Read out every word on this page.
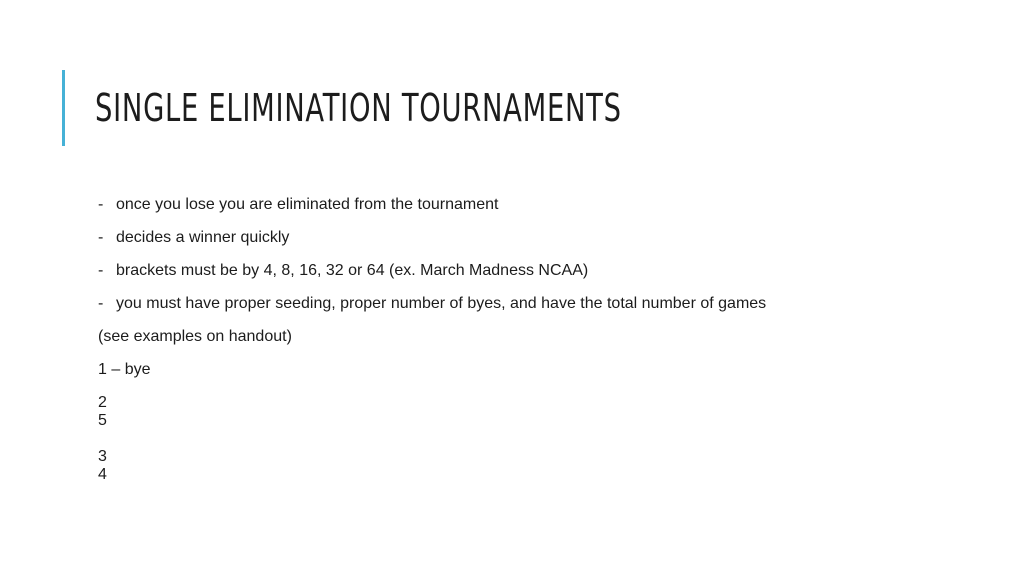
SINGLE ELIMINATION TOURNAMENTS
- once you lose you are eliminated from the tournament
- decides a winner quickly
- brackets must be by 4, 8, 16, 32 or 64 (ex. March Madness NCAA)
- you must have proper seeding, proper number of byes, and have the total number of games
(see examples on handout)
1 – bye
2
5
3
4
